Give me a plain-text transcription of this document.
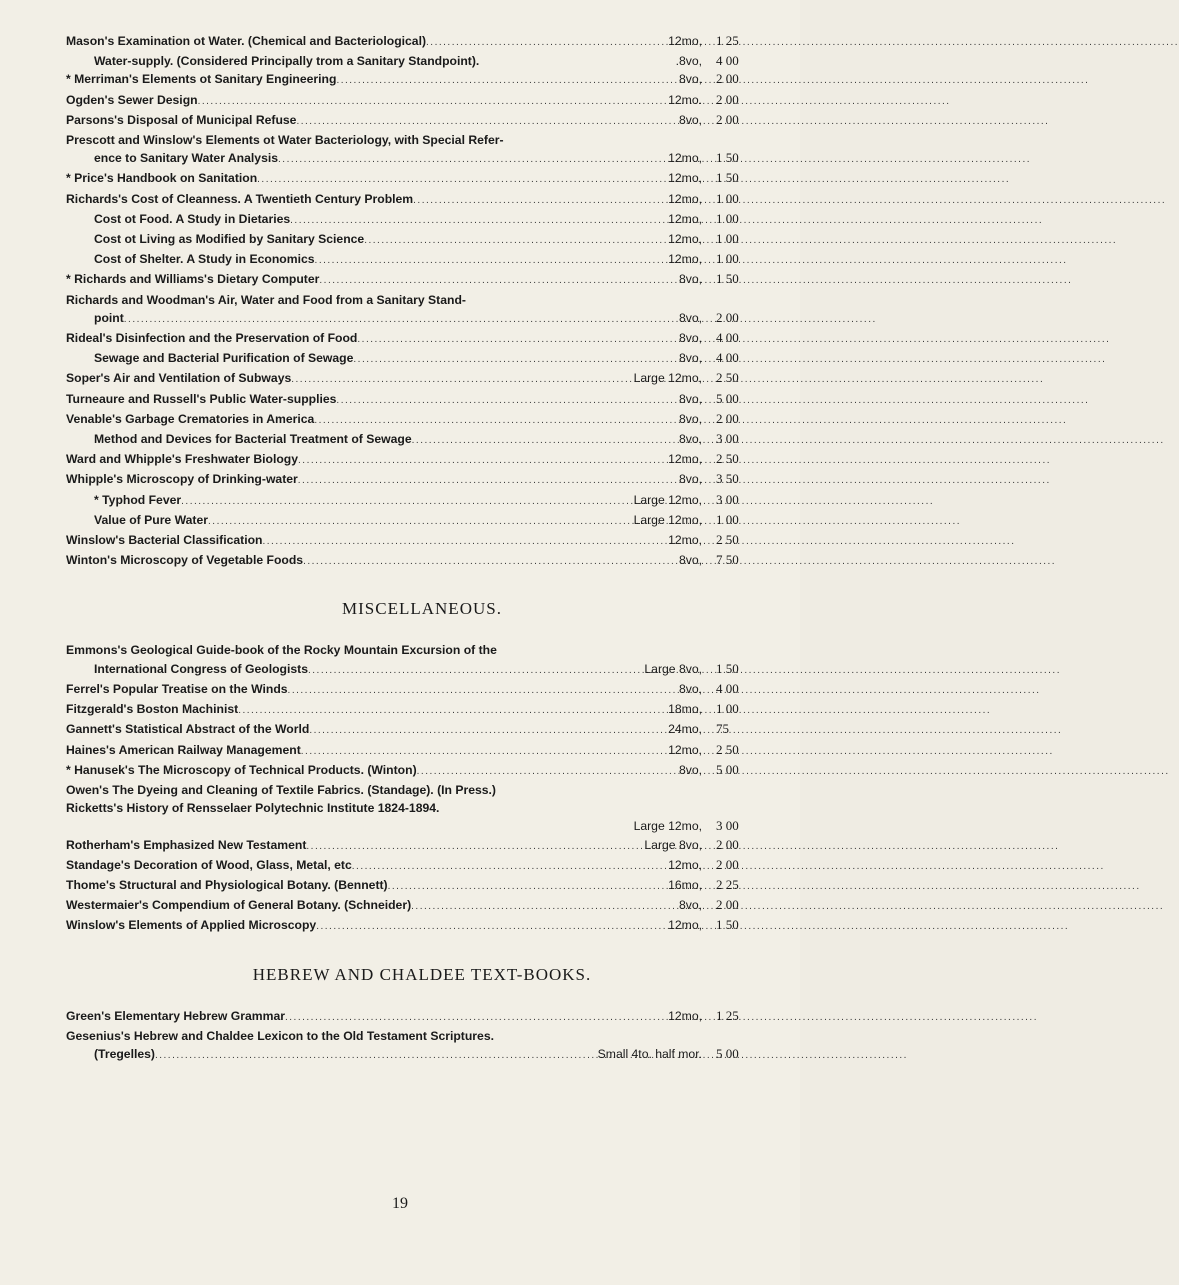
Mason's Examination ot Water. (Chemical and Bacteriological) .....	12mo,	1 25
Water-supply. (Considered Principally trom a Sanitary Standpoint).	.8vo,	4 00
* Merriman's Elements ot Sanitary Engineering .....	8vo,	2 00
Ogden's Sewer Design .....	12mo.	2 00
Parsons's Disposal of Municipal Refuse .....	8vo,	2 00
Prescott and Winslow's Elements ot Water Bacteriology, with Special Refer-
ence to Sanitary Water Analysis .....	12mo,	1 50
* Price's Handbook on Sanitation .....	12mo,	1 50
Richards's Cost of Cleanness. A Twentieth Century Problem .....	12mo,	1 00
Cost ot Food. A Study in Dietaries .....	12mo,	1 00
Cost ot Living as Modified by Sanitary Science .....	12mo,	1 00
Cost of Shelter. A Study in Economics .....	12mo,	1 00
* Richards and Williams's Dietary Computer .....	8vo,	1 50
Richards and Woodman's Air, Water and Food from a Sanitary Stand-
point .....	8vo,	2 00
Rideal's Disinfection and the Preservation of Food .....	8vo,	4 00
Sewage and Bacterial Purification of Sewage .....	8vo,	4 00
Soper's Air and Ventilation of Subways .....	Large 12mo,	2 50
Turneaure and Russell's Public Water-supplies .....	8vo,	5 00
Venable's Garbage Crematories in America .....	8vo,	2 00
Method and Devices for Bacterial Treatment of Sewage .....	8vo,	3 00
Ward and Whipple's Freshwater Biology .....	12mo,	2 50
Whipple's Microscopy of Drinking-water .....	8vo,	3 50
* Typhod Fever .....	Large 12mo,	3 00
Value of Pure Water .....	Large 12mo,	1 00
Winslow's Bacterial Classification .....	12mo,	2 50
Winton's Microscopy of Vegetable Foods .....	8vo,	7 50
MISCELLANEOUS.
Emmons's Geological Guide-book of the Rocky Mountain Excursion of the
International Congress of Geologists .....	Large 8vo,	1 50
Ferrel's Popular Treatise on the Winds .....	8vo,	4 00
Fitzgerald's Boston Machinist .....	18mo,	1 00
Gannett's Statistical Abstract of the World .....	24mo,	75
Haines's American Railway Management .....	12mo,	2 50
* Hanusek's The Microscopy of Technical Products. (Winton) .....	8vo,	5 00
Owen's The Dyeing and Cleaning of Textile Fabrics. (Standage). (In Press.)
Ricketts's History of Rensselaer Polytechnic Institute 1824-1894.
Large 12mo,	3 00
Rotherham's Emphasized New Testament .....	Large 8vo,	2 00
Standage's Decoration of Wood, Glass, Metal, etc .....	12mo,	2 00
Thome's Structural and Physiological Botany. (Bennett) .....	16mo,	2 25
Westermaier's Compendium of General Botany. (Schneider) .....	8vo,	2 00
Winslow's Elements of Applied Microscopy .....	12mo,	1 50
HEBREW AND CHALDEE TEXT-BOOKS.
Green's Elementary Hebrew Grammar .....	12mo,	1 25
Gesenius's Hebrew and Chaldee Lexicon to the Old Testament Scriptures.
(Tregelles) .....	Small 4to. half mor.	5 00
19
